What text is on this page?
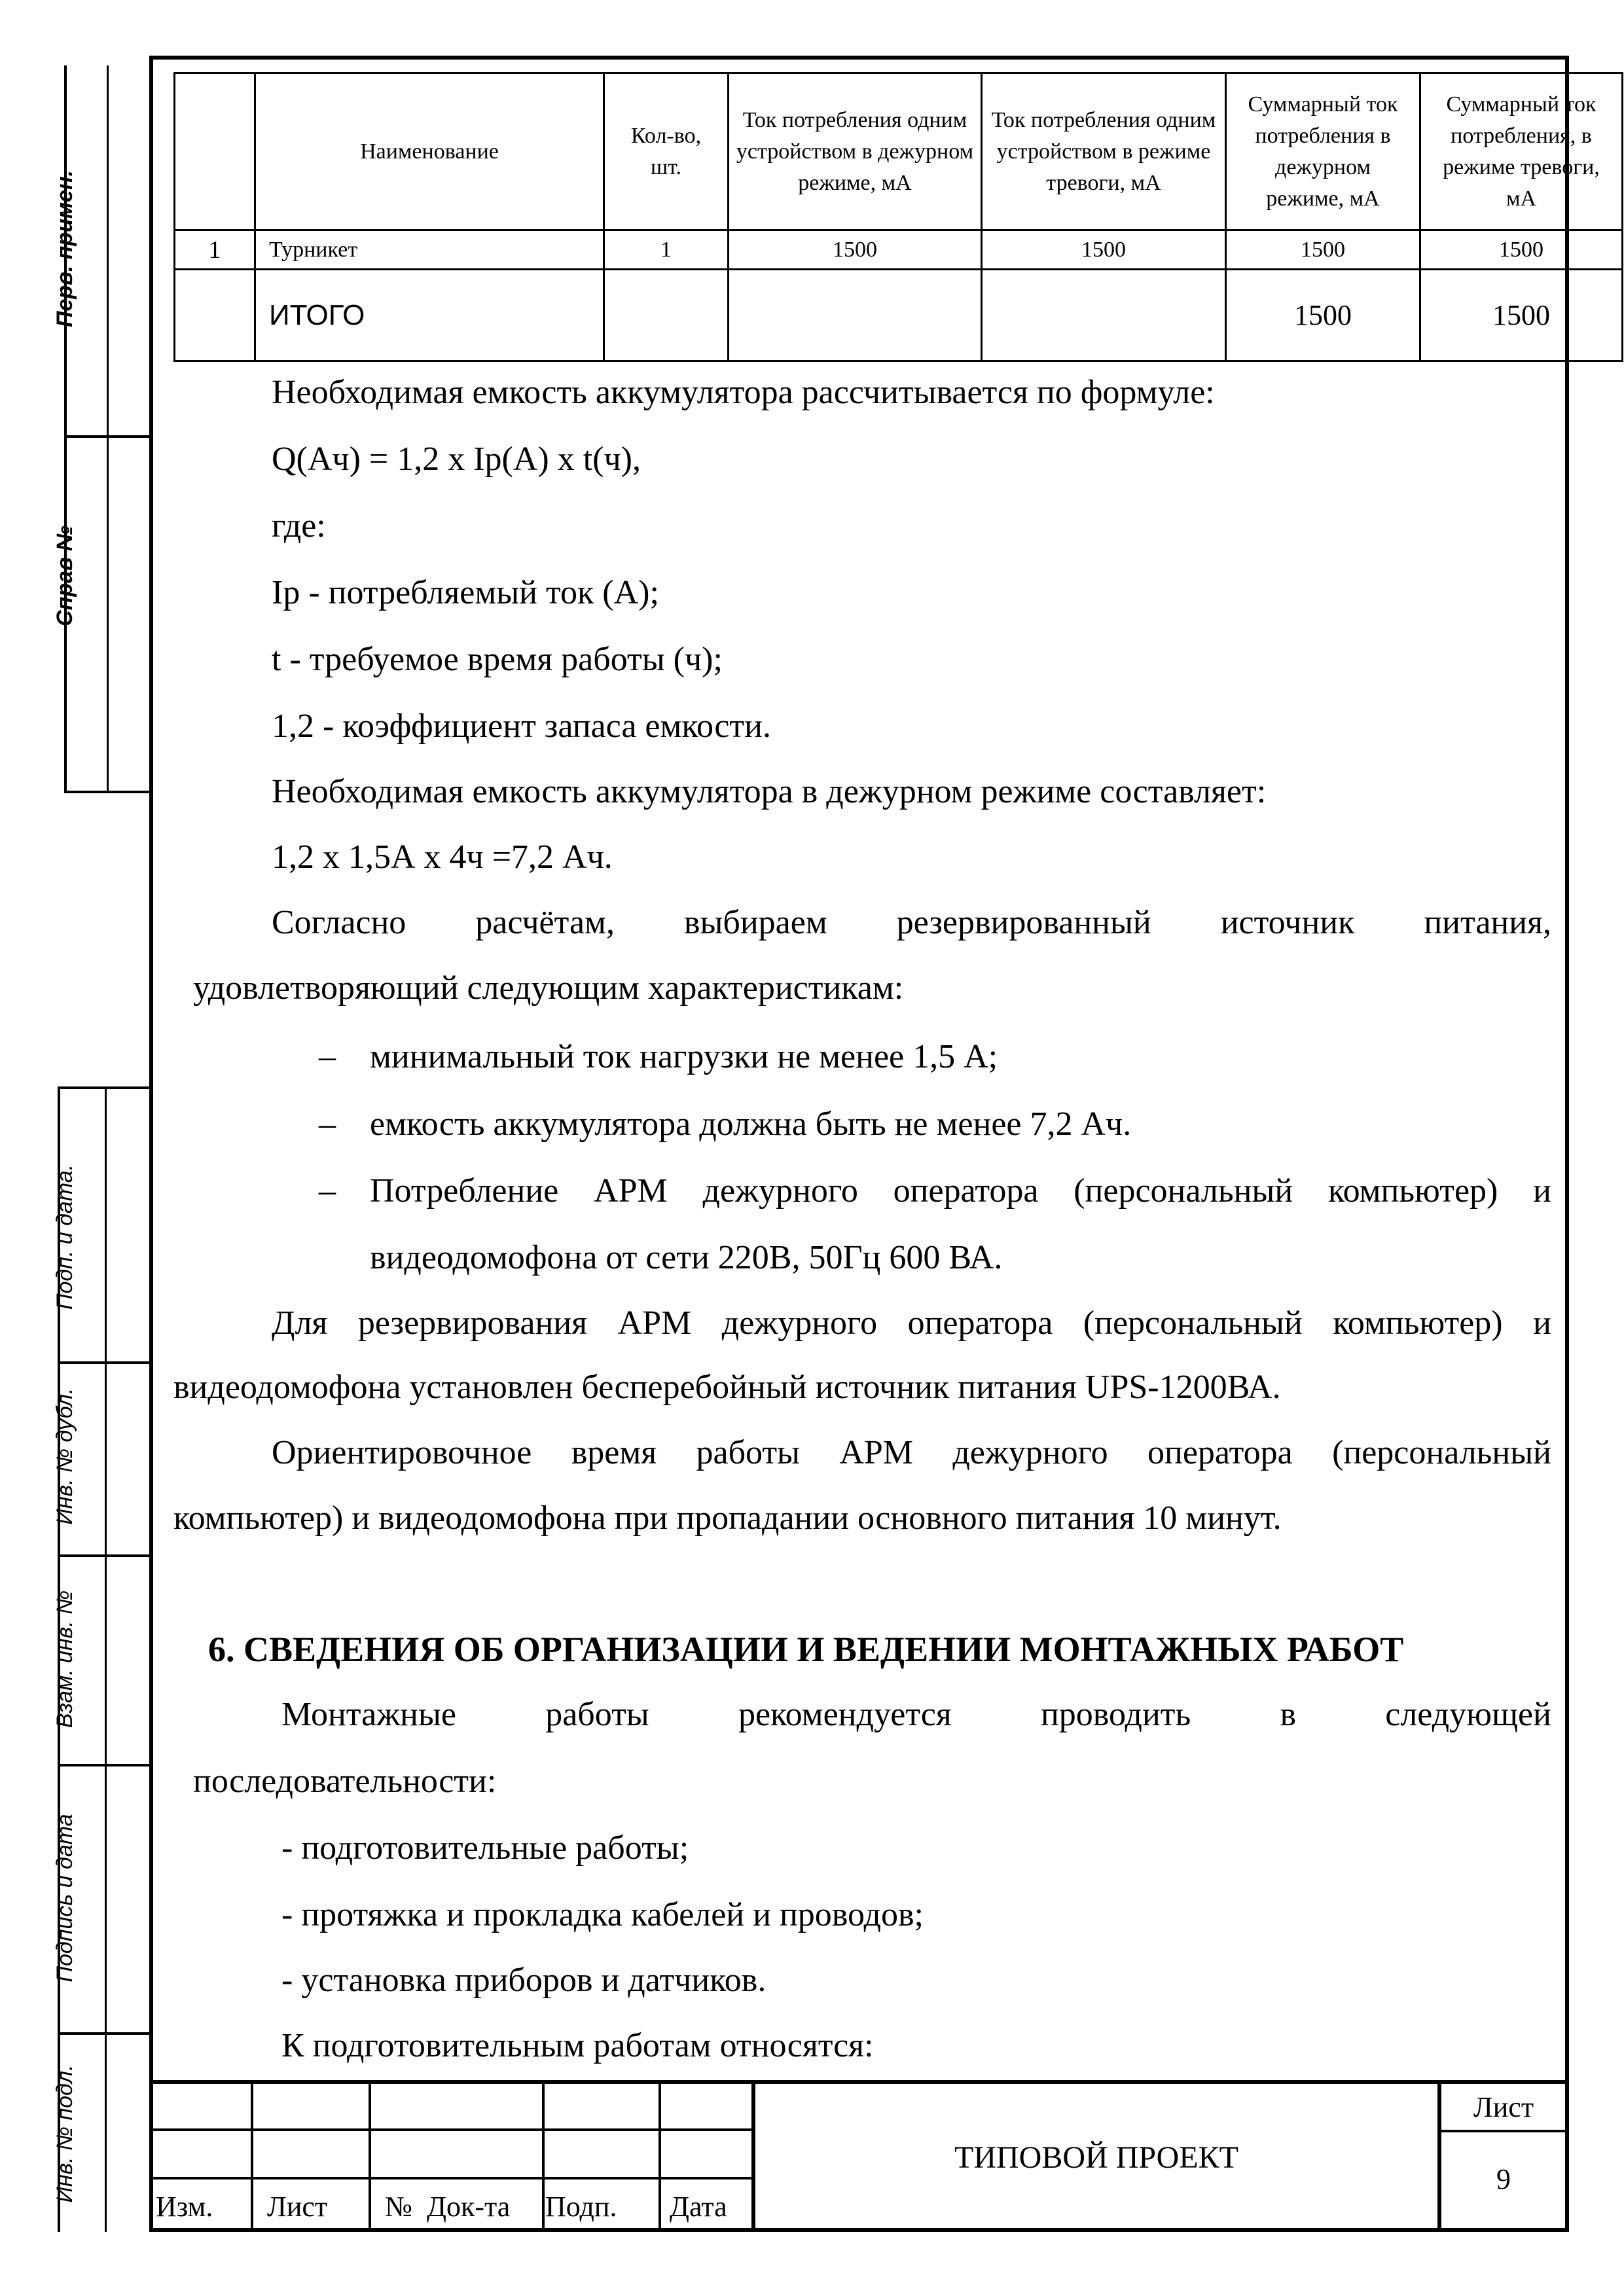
Перв. примен.
Справ №
Подп. и дата.
Инв. № дубл.
Взам. инв. №
Подпись и дата
Инв. № подл.
	Наименование	Кол-во, шт.	Ток потребления одним устройством в дежурном режиме, мА	Ток потребления одним устройством в режиме тревоги, мА	Суммарный ток потребления в дежурном режиме, мА	Суммарный ток потребления, в режиме тревоги, мА
1	Турникет	1	1500	1500	1500	1500
	ИТОГО				1500	1500
Необходимая емкость аккумулятора рассчитывается по формуле:
Q(Ач) = 1,2 х Ip(А) х t(ч),
где:
Ip - потребляемый ток (А);
t - требуемое время работы (ч);
1,2 - коэффициент запаса емкости.
Необходимая емкость аккумулятора в дежурном режиме составляет:
1,2 х 1,5А х 4ч =7,2 Ач.
Согласно расчётам, выбираем резервированный источник питания,
удовлетворяющий следующим характеристикам:
– минимальный ток нагрузки не менее 1,5 А;
– емкость аккумулятора должна быть не менее 7,2 Ач.
– Потребление АРМ дежурного оператора (персональный компьютер) и
видеодомофона от сети 220В, 50Гц 600 ВА.
Для резервирования АРМ дежурного оператора (персональный компьютер) и
видеодомофона установлен бесперебойный источник питания UPS-1200ВА.
Ориентировочное время работы АРМ дежурного оператора (персональный
компьютер) и видеодомофона при пропадании основного питания 10 минут.
6. СВЕДЕНИЯ ОБ ОРГАНИЗАЦИИ И ВЕДЕНИИ МОНТАЖНЫХ РАБОТ
Монтажные	работы	рекомендуется	проводить	в	следующей
последовательности:
- подготовительные работы;
- протяжка и прокладка кабелей и проводов;
- установка приборов и датчиков.
К подготовительным работам относятся:
Изм. Лист №  Док-та Подп. Дата
ТИПОВОЙ ПРОЕКТ
Лист
9
